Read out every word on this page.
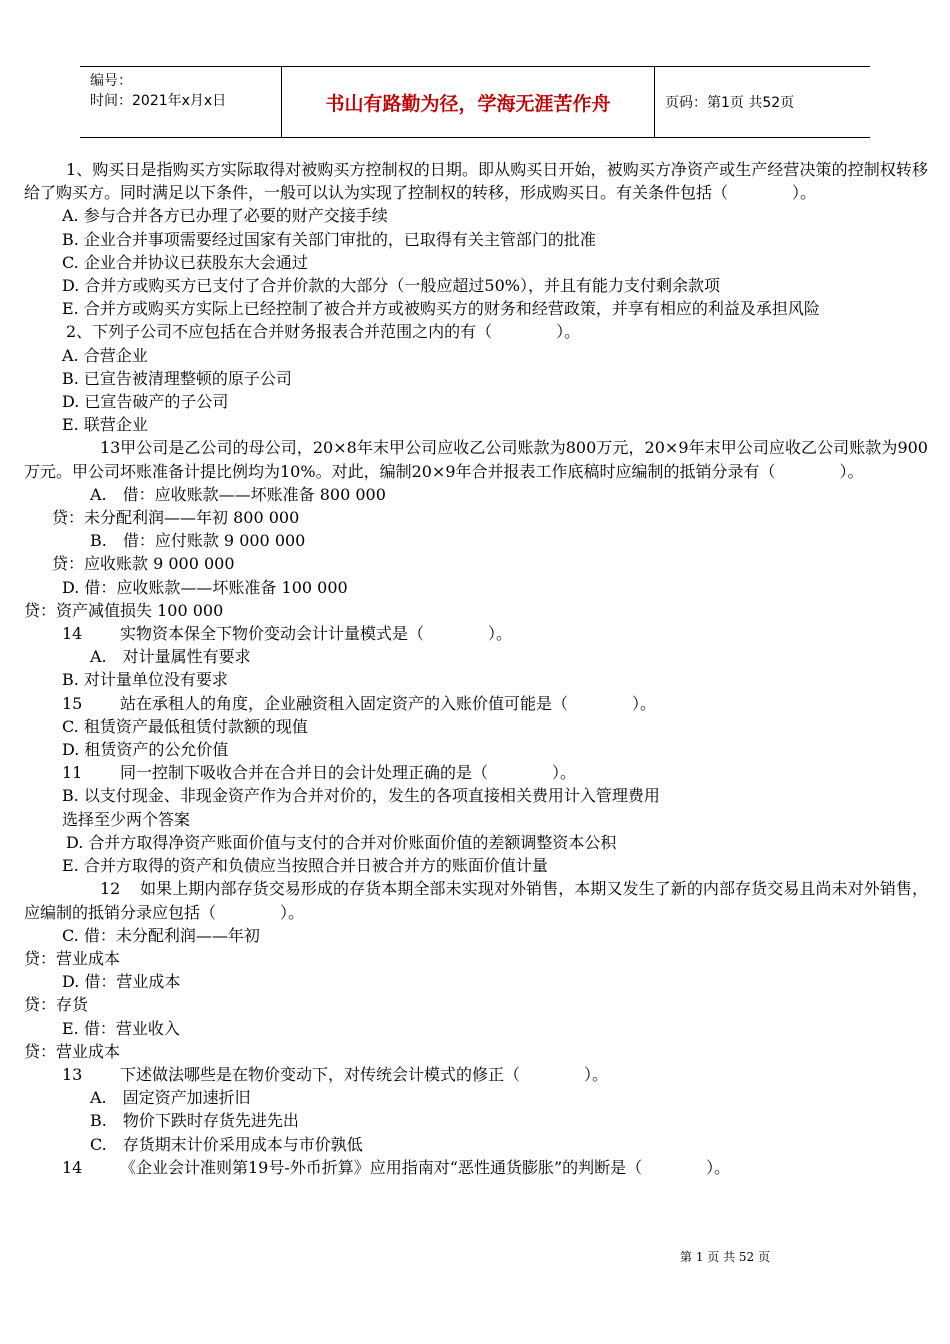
编号：
时间：2021年x月x日	书山有路勤为径，学海无涯苦作舟	页码：第1页 共52页
1、购买日是指购买方实际取得对被购买方控制权的日期。即从购买日开始，被购买方净资产或生产经营决策的控制权转移给了购买方。同时满足以下条件，一般可以认为实现了控制权的转移，形成购买日。有关条件包括（　　　　）。
A. 参与合并各方已办理了必要的财产交接手续
B. 企业合并事项需要经过国家有关部门审批的，已取得有关主管部门的批准
C. 企业合并协议已获股东大会通过
D. 合并方或购买方已支付了合并价款的大部分（一般应超过50%），并且有能力支付剩余款项
E. 合并方或购买方实际上已经控制了被合并方或被购买方的财务和经营政策，并享有相应的利益及承担风险
2、下列子公司不应包括在合并财务报表合并范围之内的有（　　　　）。
A. 合营企业
B. 已宣告被清理整顿的原子公司
D. 已宣告破产的子公司
E. 联营企业
13甲公司是乙公司的母公司，20×8年末甲公司应收乙公司账款为800万元，20×9年末甲公司应收乙公司账款为900万元。甲公司坏账准备计提比例均为10%。对此，编制20×9年合并报表工作底稿时应编制的抵销分录有（　　　　）。
A.　借：应收账款——坏账准备 800 000
贷：未分配利润——年初 800 000
B.　借：应付账款 9 000 000
贷：应收账款 9 000 000
D. 借：应收账款——坏账准备 100 000
贷：资产减值损失 100 000
14 实物资本保全下物价变动会计计量模式是（　　　　）。
A.　对计量属性有要求
B. 对计量单位没有要求
15 站在承租人的角度，企业融资租入固定资产的入账价值可能是（　　　　）。
C. 租赁资产最低租赁付款额的现值
D. 租赁资产的公允价值
11 同一控制下吸收合并在合并日的会计处理正确的是（　　　　）。
B. 以支付现金、非现金资产作为合并对价的，发生的各项直接相关费用计入管理费用
选择至少两个答案
D. 合并方取得净资产账面价值与支付的合并对价账面价值的差额调整资本公积
E. 合并方取得的资产和负债应当按照合并日被合并方的账面价值计量
12 如果上期内部存货交易形成的存货本期全部未实现对外销售，本期又发生了新的内部存货交易且尚未对外销售，应编制的抵销分录应包括（　　　　）。
C. 借：未分配利润——年初
贷：营业成本
D. 借：营业成本
贷：存货
E. 借：营业收入
贷：营业成本
13 下述做法哪些是在物价变动下，对传统会计模式的修正（　　　　）。
A.　固定资产加速折旧
B.　物价下跌时存货先进先出
C.　存货期末计价采用成本与市价孰低
14 《企业会计准则第19号-外币折算》应用指南对“恶性通货膨胀”的判断是（　　　　）。
第 1 页 共 52 页
